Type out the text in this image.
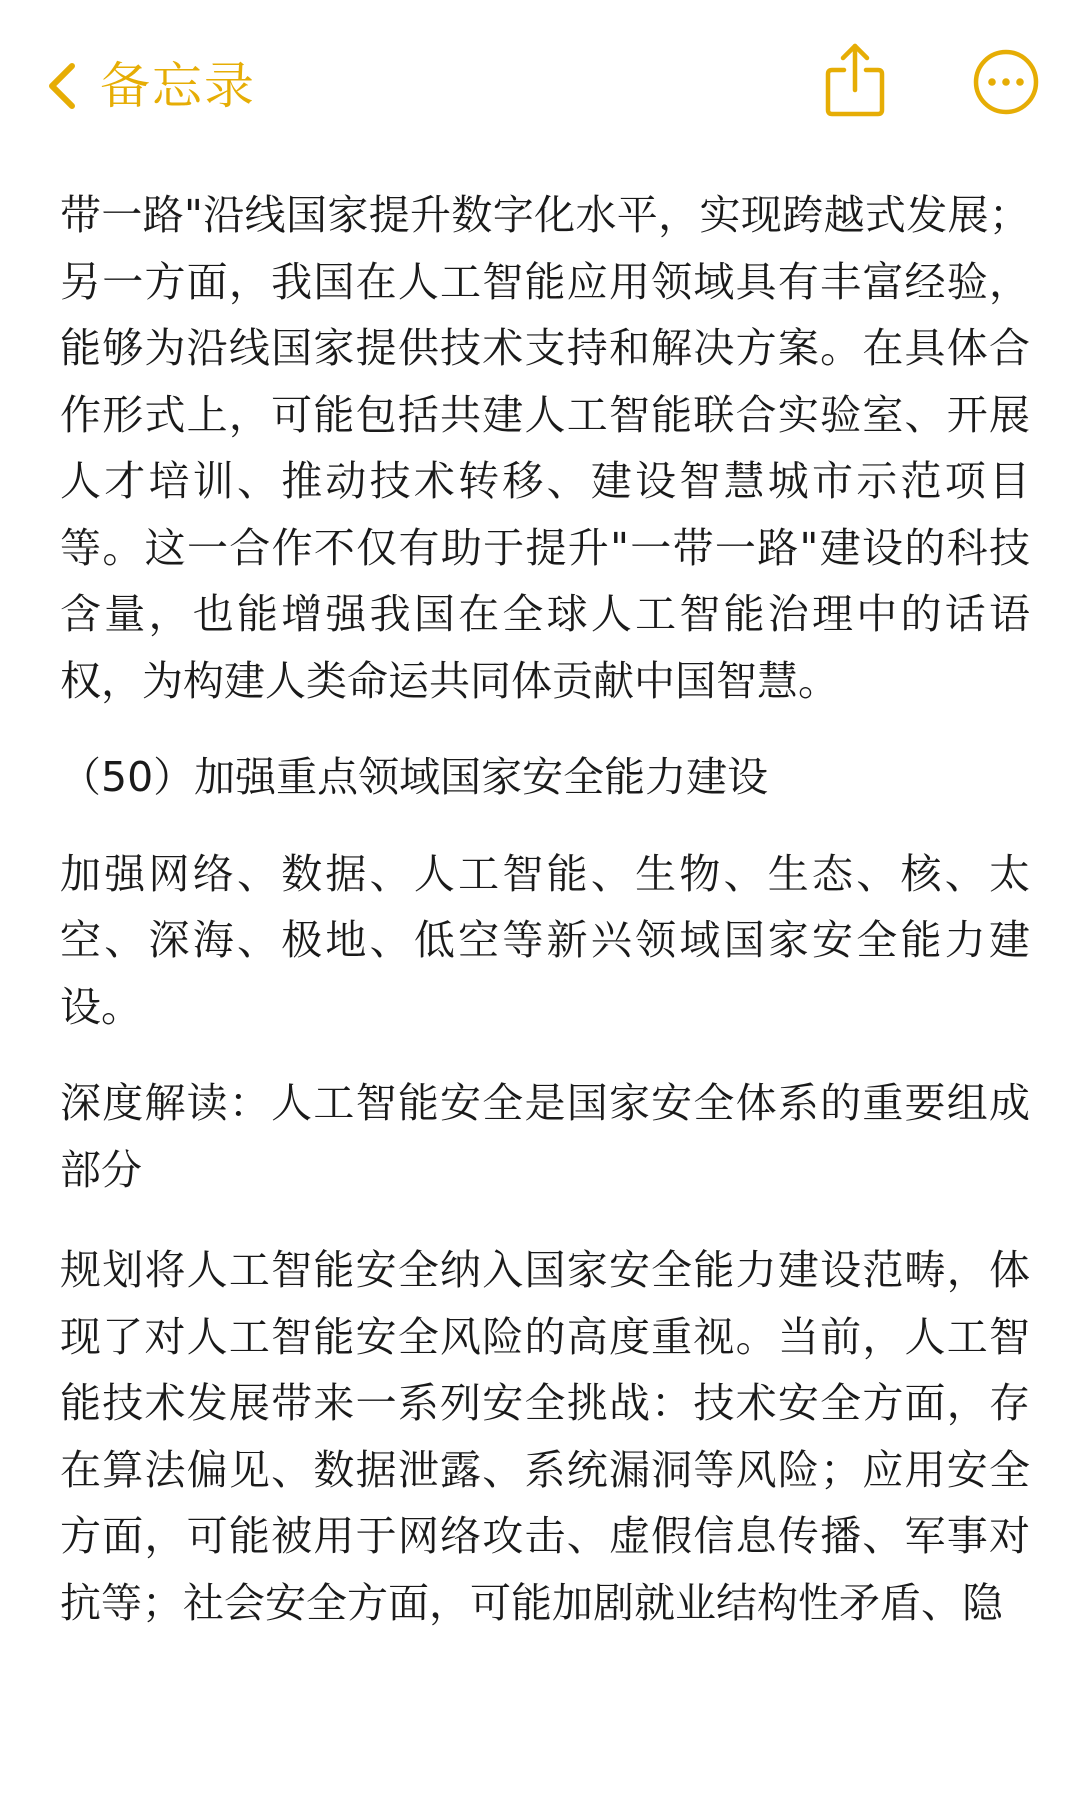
备忘录

带一路"沿线国家提升数字化水平，实现跨越式发展；另一方面，我国在人工智能应用领域具有丰富经验，能够为沿线国家提供技术支持和解决方案。在具体合作形式上，可能包括共建人工智能联合实验室、开展人才培训、推动技术转移、建设智慧城市示范项目等。这一合作不仅有助于提升"一带一路"建设的科技含量，也能增强我国在全球人工智能治理中的话语权，为构建人类命运共同体贡献中国智慧。

（50）加强重点领域国家安全能力建设

加强网络、数据、人工智能、生物、生态、核、太空、深海、极地、低空等新兴领域国家安全能力建设。

深度解读：人工智能安全是国家安全体系的重要组成部分

规划将人工智能安全纳入国家安全能力建设范畴，体现了对人工智能安全风险的高度重视。当前，人工智能技术发展带来一系列安全挑战：技术安全方面，存在算法偏见、数据泄露、系统漏洞等风险；应用安全方面，可能被用于网络攻击、虚假信息传播、军事对抗等；社会安全方面，可能加剧就业结构性矛盾、隐
